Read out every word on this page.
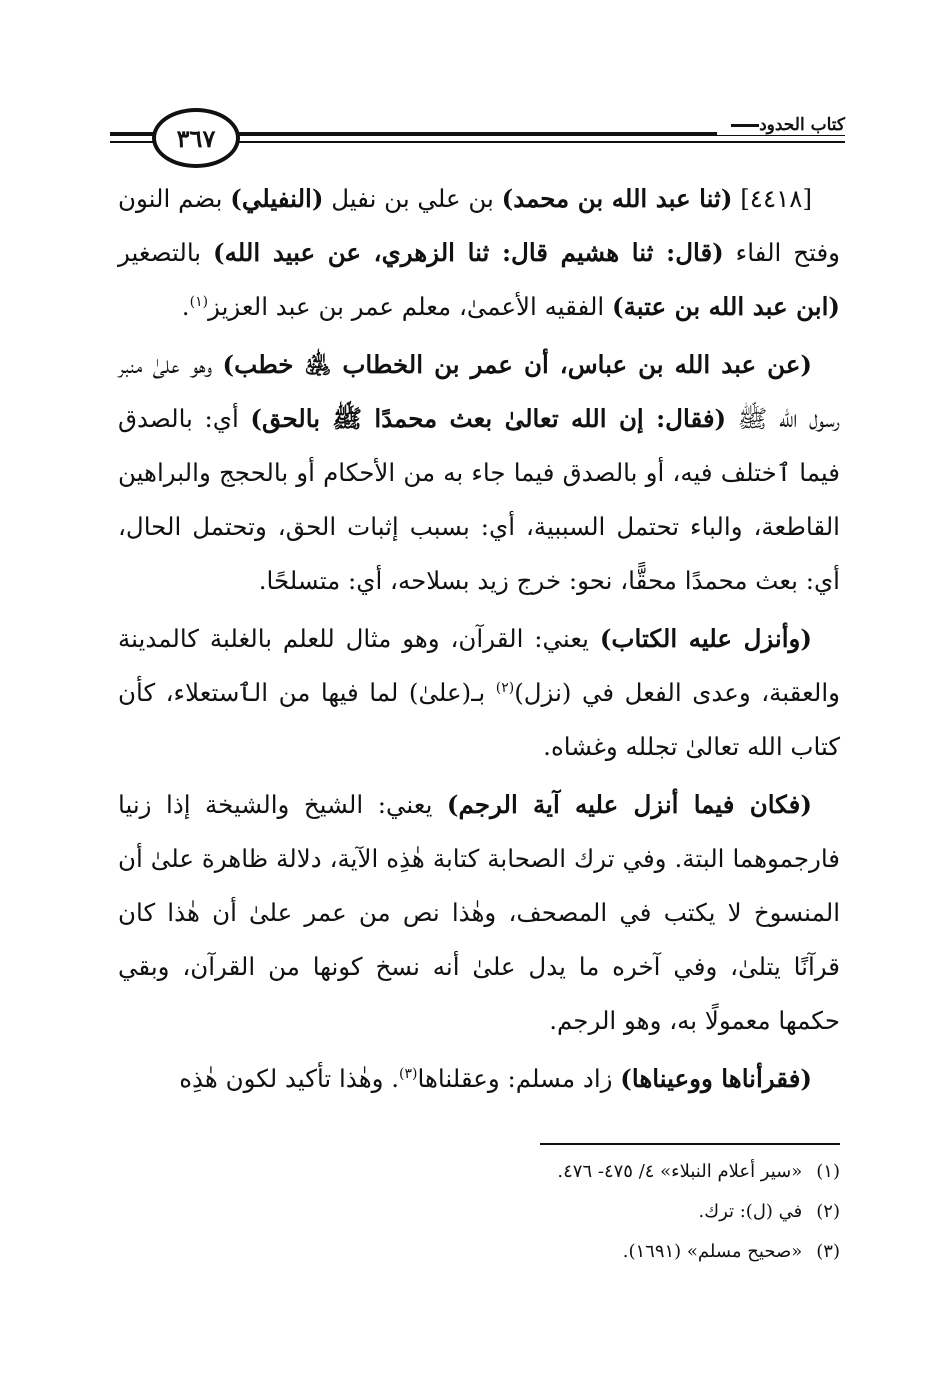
٣٦٧	كتاب الحدود

[٤٤١٨] (ثنا عبد الله بن محمد) بن علي بن نفيل (النفيلي) بضم النون وفتح الفاء (قال: ثنا هشيم قال: ثنا الزهري، عن عبيد الله) بالتصغير (ابن عبد الله بن عتبة) الفقيه الأعمىٰ، معلم عمر بن عبد العزيز$^{(١)}$.

(عن عبد الله بن عباس، أن عمر بن الخطاب ﵁ خطب) وهو علىٰ منبر رسول الله ﷺ (فقال: إن الله تعالىٰ بعث محمدًا ﷺ بالحق) أي: بالصدق فيما ٱختلف فيه، أو بالصدق فيما جاء به من الأحكام أو بالحجج والبراهين القاطعة، والباء تحتمل السببية، أي: بسبب إثبات الحق، وتحتمل الحال، أي: بعث محمدًا محقًّا، نحو: خرج زيد بسلاحه، أي: متسلحًا.

(وأنزل عليه الكتاب) يعني: القرآن، وهو مثال للعلم بالغلبة كالمدينة والعقبة، وعدى الفعل في (نزل)$^{(٢)}$ بـ(علىٰ) لما فيها من الٱستعلاء، كأن كتاب الله تعالىٰ تجلله وغشاه.

(فكان فيما أنزل عليه آية الرجم) يعني: الشيخ والشيخة إذا زنيا فارجموهما البتة. وفي ترك الصحابة كتابة هٰذِه الآية، دلالة ظاهرة علىٰ أن المنسوخ لا يكتب في المصحف، وهٰذا نص من عمر علىٰ أن هٰذا كان قرآنًا يتلىٰ، وفي آخره ما يدل علىٰ أنه نسخ كونها من القرآن، وبقي حكمها معمولًا به، وهو الرجم.

(فقرأناها ووعيناها) زاد مسلم: وعقلناها$^{(٣)}$. وهٰذا تأكيد لكون هٰذِه

(١)«سير أعلام النبلاء» ٤/ ٤٧٥- ٤٧٦.
(٢)في (ل): ترك.
(٣)«صحيح مسلم» (١٦٩١).
